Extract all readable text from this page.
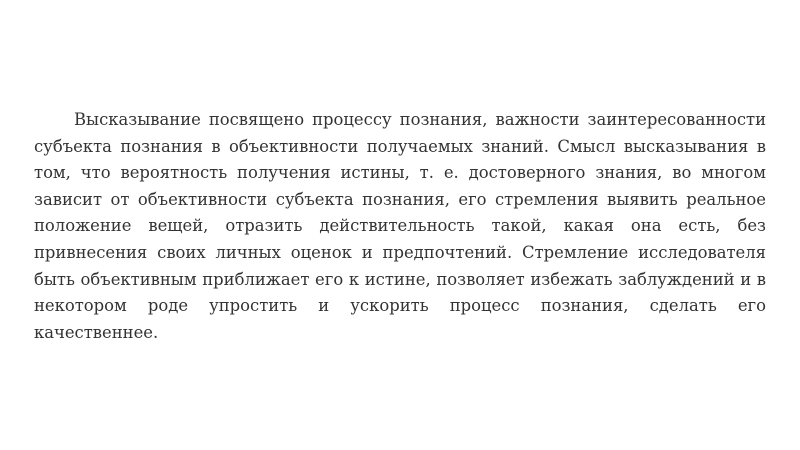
Высказывание посвящено процессу познания, важности заинтересованности субъекта познания в объективности получаемых знаний. Смысл высказывания в том, что вероятность получения истины, т. е. достоверного знания, во многом зависит от объективности субъекта познания, его стремления выявить реальное положение вещей, отразить действительность такой, какая она есть, без привнесения своих личных оценок и предпочтений. Стремление исследователя быть объективным приближает его к истине, позволяет избежать заблуждений и в некотором роде упростить и ускорить процесс познания, сделать его качественнее.
